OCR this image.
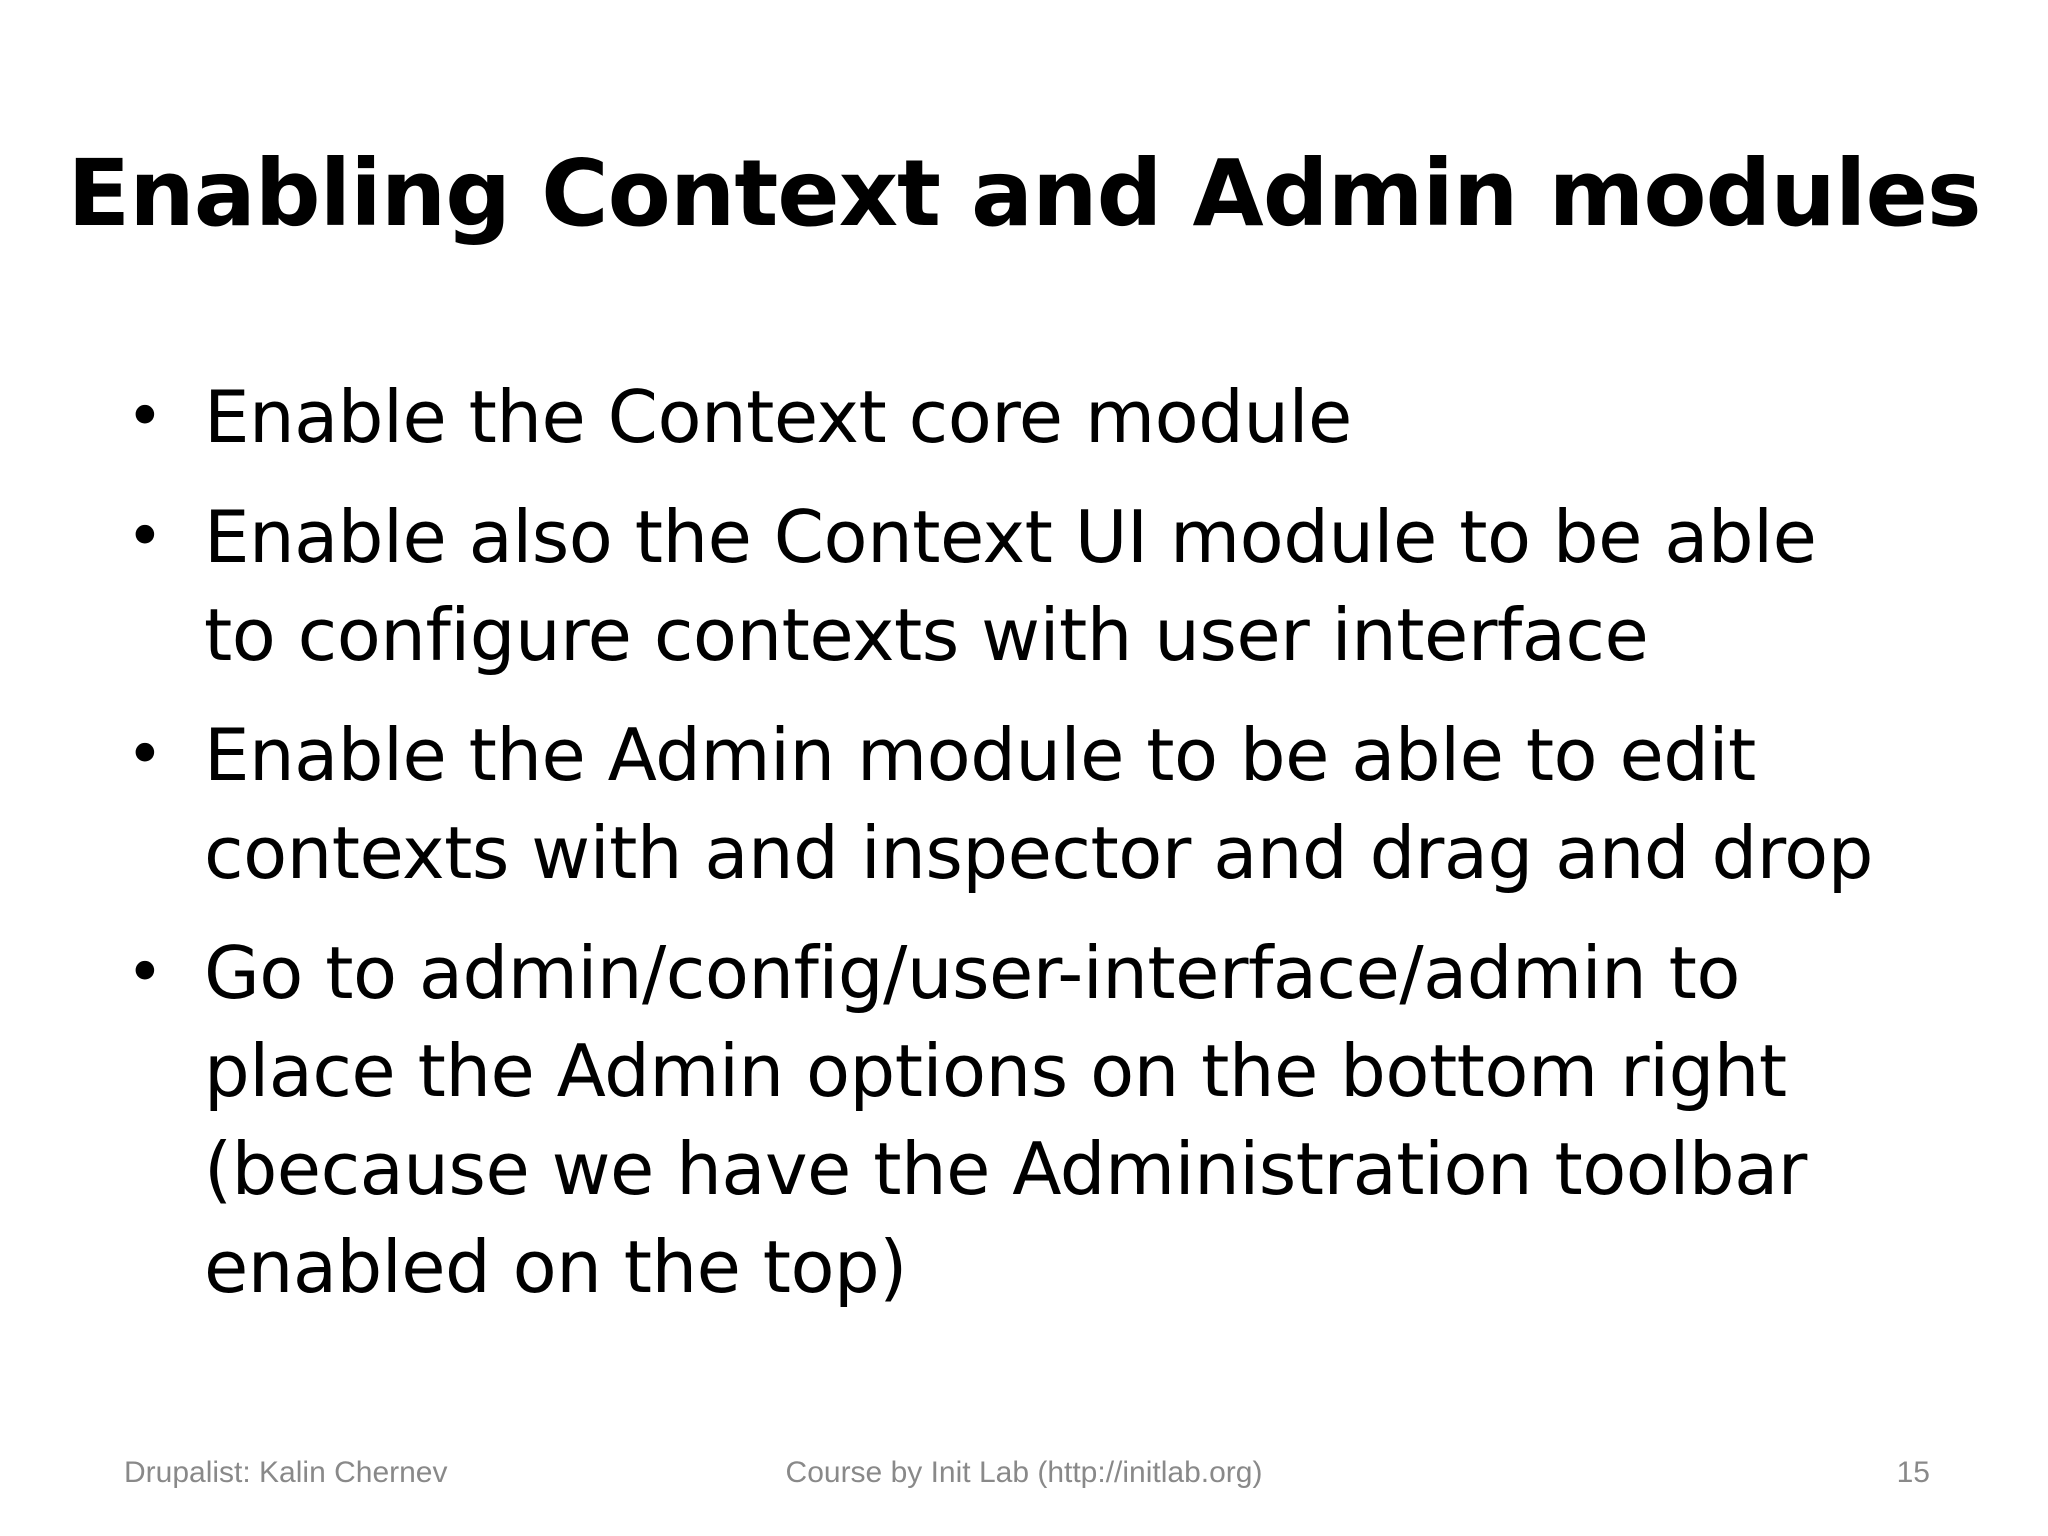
Enabling Context and Admin modules
• Enable the Context core module
• Enable also the Context UI module to be able
to configure contexts with user interface
• Enable the Admin module to be able to edit
contexts with and inspector and drag and drop
• Go to admin/config/user-interface/admin to
place the Admin options on the bottom right
(because we have the Administration toolbar
enabled on the top)
Drupalist: Kalin Chernev	Course by Init Lab (http://initlab.org)	15
